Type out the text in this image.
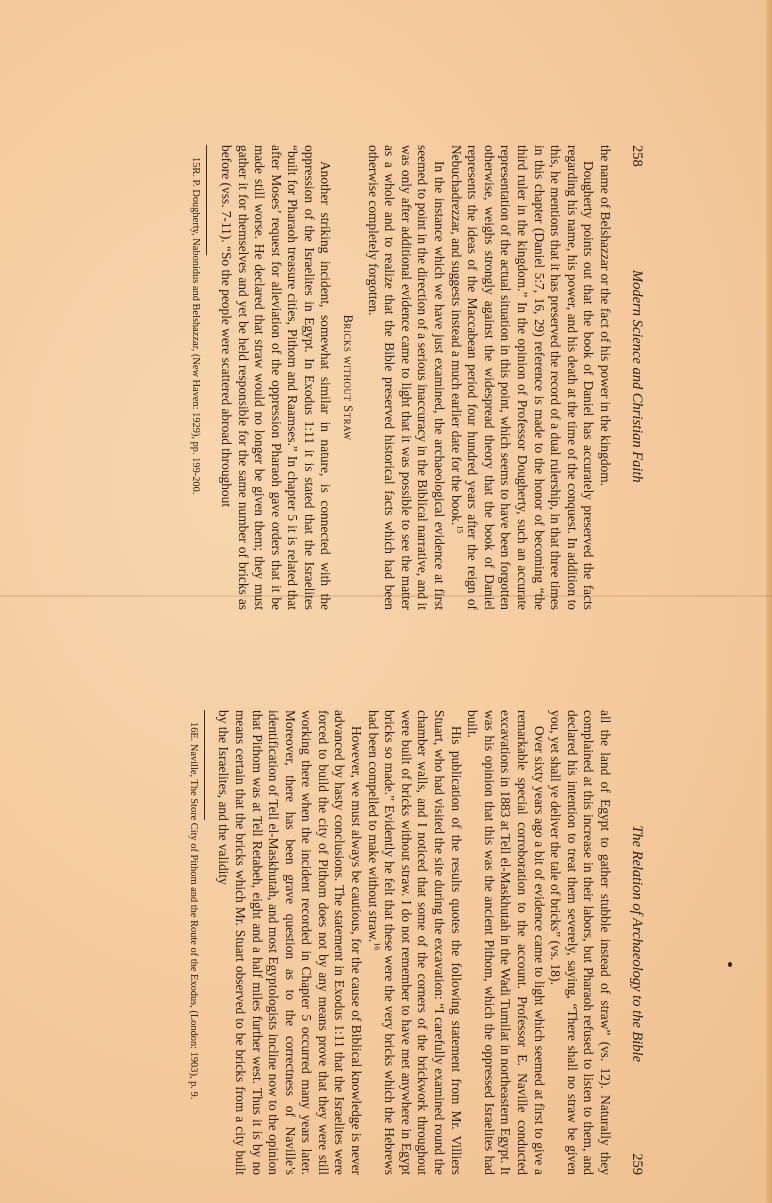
258
Modern Science and Christian Faith

the name of Belshazzar or the fact of his power in the kingdom.

Dougherty points out that the book of Daniel has accurately preserved the facts regarding his name, his power, and his death at the time of the conquest. In addition to this, he mentions that it has preserved the record of a dual rulership, in that three times in this chapter (Daniel 5:7, 16, 29) reference is made to the honor of becoming “the third ruler in the kingdom.” In the opinion of Professor Dougherty, such an accurate representation of the actual situation in this point, which seems to have been forgotten otherwise, weighs strongly against the widespread theory that the book of Daniel represents the ideas of the Maccabean period four hundred years after the reign of Nebuchadrezzar, and suggests instead a much earlier date for the book.$^{15}$

In the instance which we have just examined, the archaeological evidence at first seemed to point in the direction of a serious inaccuracy in the Biblical narrative, and it was only after additional evidence came to light that it was possible to see the matter as a whole and to realize that the Bible preserved historical facts which had been otherwise completely forgotten.

Bricks without Straw

Another striking incident, somewhat similar in nature, is connected with the oppression of the Israelites in Egypt. In Exodus 1:11 it is stated that the Israelites “built for Pharaoh treasure cities, Pithom and Raamses.” In chapter 5 it is related that after Moses’ request for alleviation of the oppression Pharaoh gave orders that it be made still worse. He declared that straw would no longer be given them; they must gather it for themselves and yet be held responsible for the same number of bricks as before (vss. 7-11). “So the people were scattered abroad throughout

15R. P. Dougherty, Nabonidus and Belshazzar, (New Haven: 1929), pp. 199-200.

The Relation of Archaeology to the Bible
259

all the land of Egypt to gather stubble instead of straw” (vs. 12). Naturally they complained at this increase in their labors, but Pharaoh refused to listen to them, and declared his intention to treat them severely, saying, “There shall no straw be given you, yet shall ye deliver the tale of bricks” (vs. 18).

Over sixty years ago a bit of evidence came to light which seemed at first to give a remarkable special corroboration to the account. Professor E. Naville conducted excavations in 1883 at Tell el-Maskhutah in the Wadi Tumilat in northeastern Egypt. It was his opinion that this was the ancient Pithom, which the oppressed Israelites had built.

His publication of the results quotes the following statement from Mr. Villiers Stuart, who had visited the site during the excavation: “I carefully examined round the chamber walls, and I noticed that some of the corners of the brickwork throughout were built of bricks without straw. I do not remember to have met anywhere in Egypt bricks so made.” Evidently he felt that these were the very bricks which the Hebrews had been compelled to make without straw.$^{16}$

However, we must always be cautious, for the cause of Biblical knowledge is never advanced by hasty conclusions. The statement in Exodus 1:11 that the Israelites were forced to build the city of Pithom does not by any means prove that they were still working there when the incident recorded in Chapter 5 occurred many years later. Moreover, there has been grave question as to the correctness of Naville’s identification of Tell el-Maskhutah, and most Egyptologists incline now to the opinion that Pithom was at Tell Retabeh, eight and a half miles further west. Thus it is by no means certain that the bricks which Mr. Stuart observed to be bricks from a city built by the Israelites, and the validity

16E. Naville, The Store City of Pithom and the Route of the Exodus, (London: 1903), p. 9.
